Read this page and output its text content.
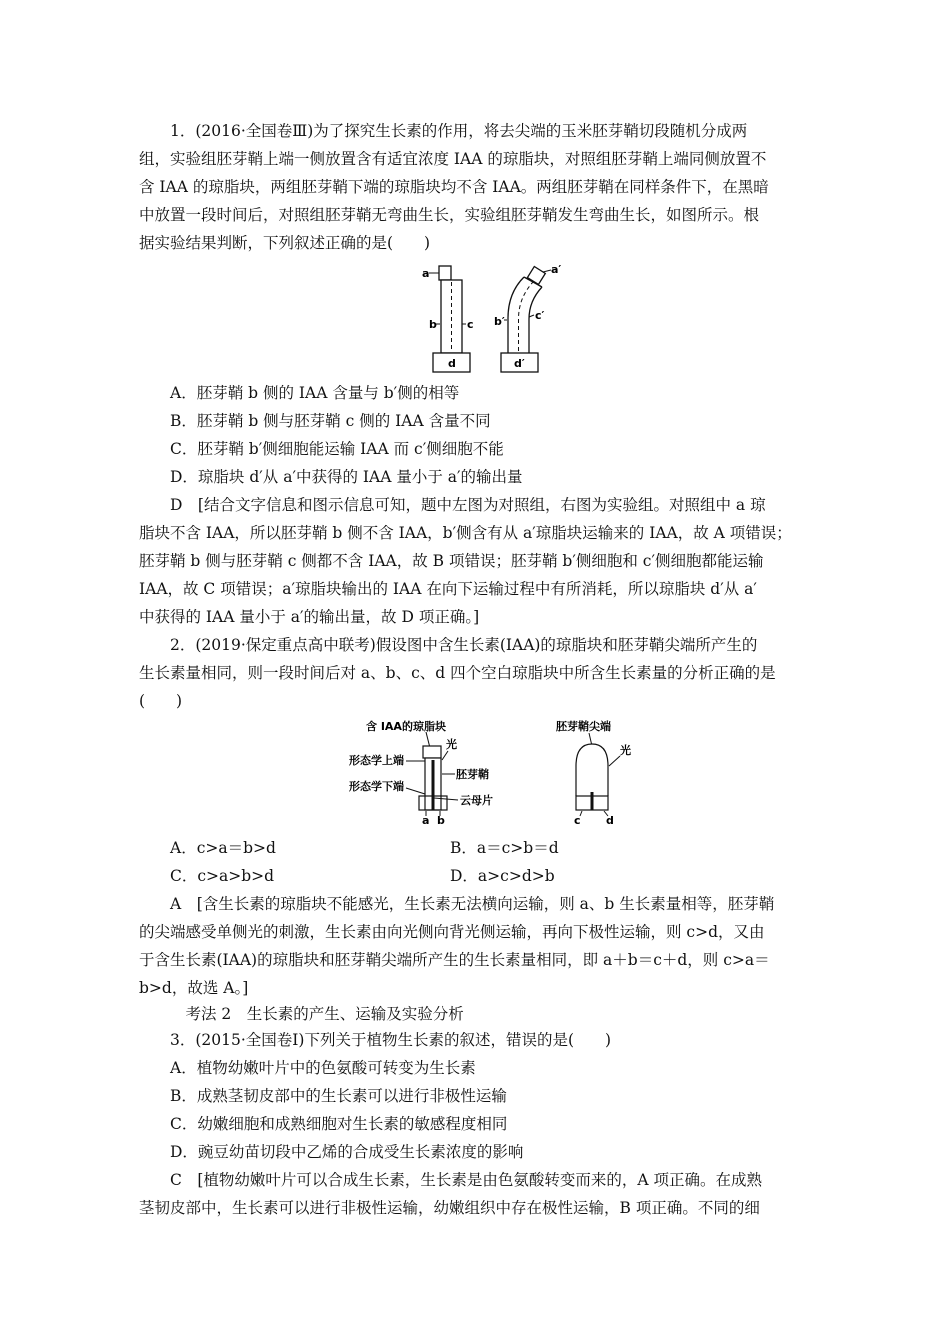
　　1．(2016·全国卷Ⅲ)为了探究生长素的作用，将去尖端的玉米胚芽鞘切段随机分成两
组，实验组胚芽鞘上端一侧放置含有适宜浓度 IAA 的琼脂块，对照组胚芽鞘上端同侧放置不
含 IAA 的琼脂块，两组胚芽鞘下端的琼脂块均不含 IAA。两组胚芽鞘在同样条件下，在黑暗
中放置一段时间后，对照组胚芽鞘无弯曲生长，实验组胚芽鞘发生弯曲生长，如图所示。根
据实验结果判断，下列叙述正确的是(　　)
a
b	c
d
a′
b′	c′
d′
　　A．胚芽鞘 b 侧的 IAA 含量与 b′侧的相等
　　B．胚芽鞘 b 侧与胚芽鞘 c 侧的 IAA 含量不同
　　C．胚芽鞘 b′侧细胞能运输 IAA 而 c′侧细胞不能
　　D．琼脂块 d′从 a′中获得的 IAA 量小于 a′的输出量
　　D　[结合文字信息和图示信息可知，题中左图为对照组，右图为实验组。对照组中 a 琼
脂块不含 IAA，所以胚芽鞘 b 侧不含 IAA，b′侧含有从 a′琼脂块运输来的 IAA，故 A 项错误；
胚芽鞘 b 侧与胚芽鞘 c 侧都不含 IAA，故 B 项错误；胚芽鞘 b′侧细胞和 c′侧细胞都能运输
IAA，故 C 项错误；a′琼脂块输出的 IAA 在向下运输过程中有所消耗，所以琼脂块 d′从 a′
中获得的 IAA 量小于 a′的输出量，故 D 项正确。]
　　2．(2019·保定重点高中联考)假设图中含生长素(IAA)的琼脂块和胚芽鞘尖端所产生的
生长素量相同，则一段时间后对 a、b、c、d 四个空白琼脂块中所含生长素量的分析正确的是
(　　)
含 IAA的琼脂块
光
形态学上端
形态学下端
胚芽鞘
云母片
a b
胚芽鞘尖端
光
c d
　　A．c>a＝b>d	B．a＝c>b＝d
　　C．c>a>b>d	D．a>c>d>b
　　A　[含生长素的琼脂块不能感光，生长素无法横向运输，则 a、b 生长素量相等，胚芽鞘
的尖端感受单侧光的刺激，生长素由向光侧向背光侧运输，再向下极性运输，则 c>d，又由
于含生长素(IAA)的琼脂块和胚芽鞘尖端所产生的生长素量相同，即 a＋b＝c＋d，则 c>a＝
b>d，故选 A。]
　　　考法 2　生长素的产生、运输及实验分析
　　3．(2015·全国卷Ⅰ)下列关于植物生长素的叙述，错误的是(　　)
　　A．植物幼嫩叶片中的色氨酸可转变为生长素
　　B．成熟茎韧皮部中的生长素可以进行非极性运输
　　C．幼嫩细胞和成熟细胞对生长素的敏感程度相同
　　D．豌豆幼苗切段中乙烯的合成受生长素浓度的影响
　　C　[植物幼嫩叶片可以合成生长素，生长素是由色氨酸转变而来的，A 项正确。在成熟
茎韧皮部中，生长素可以进行非极性运输，幼嫩组织中存在极性运输，B 项正确。不同的细
